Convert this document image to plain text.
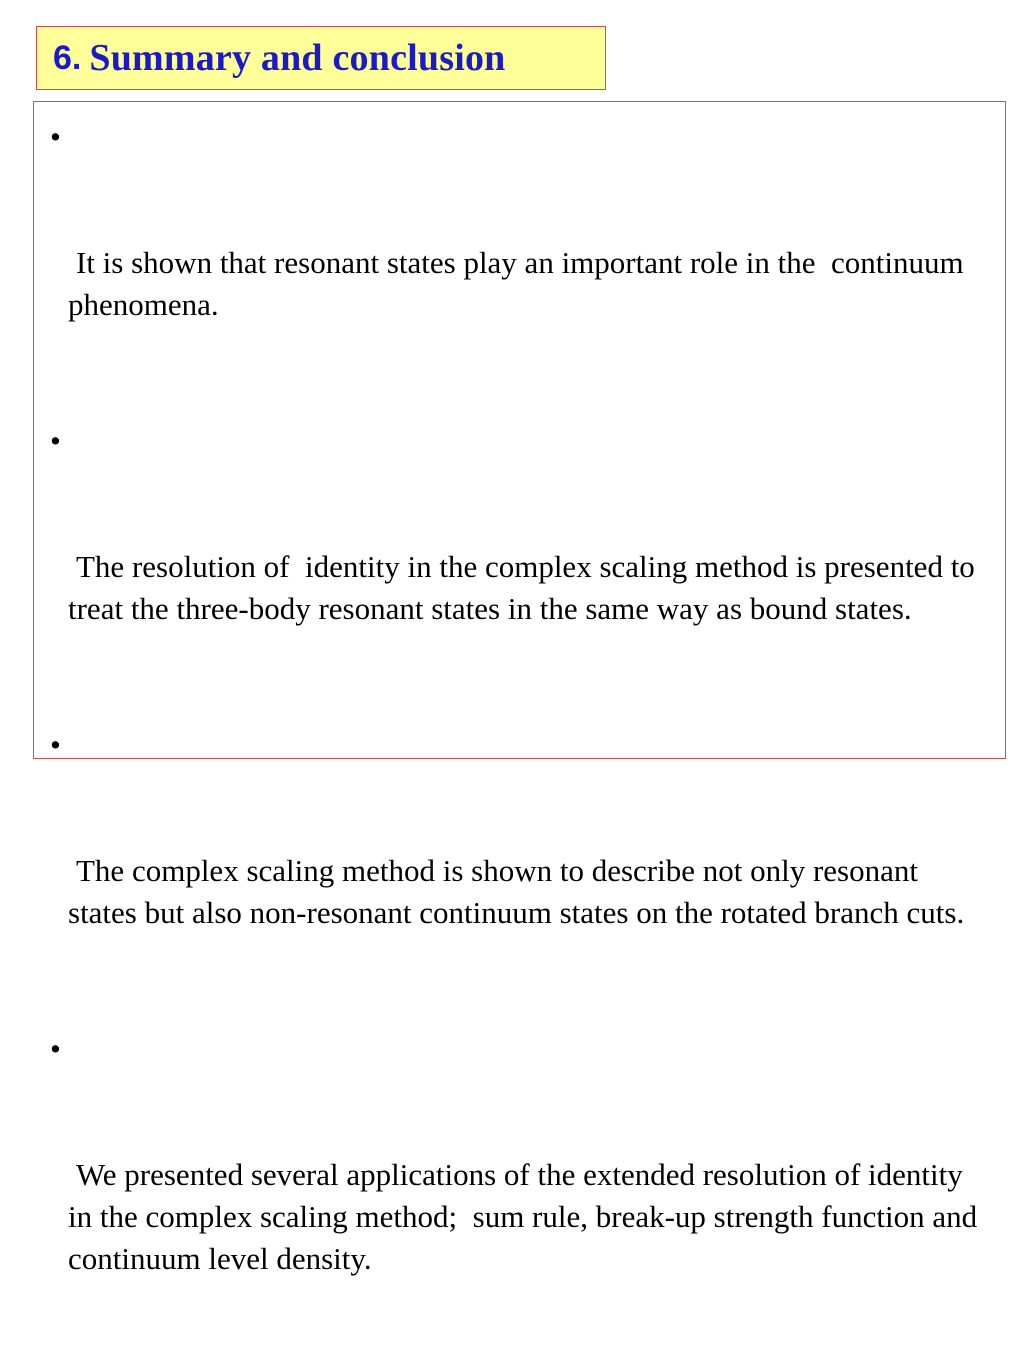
6. Summary and conclusion

•

It is shown that resonant states play an important role in the  continuum phenomena.

•

The resolution of  identity in the complex scaling method is presented to treat the three-body resonant states in the same way as bound states.

•

The complex scaling method is shown to describe not only resonant states but also non-resonant continuum states on the rotated branch cuts.

•

We presented several applications of the extended resolution of identity in the complex scaling method;  sum rule, break-up strength function and  continuum level density.
